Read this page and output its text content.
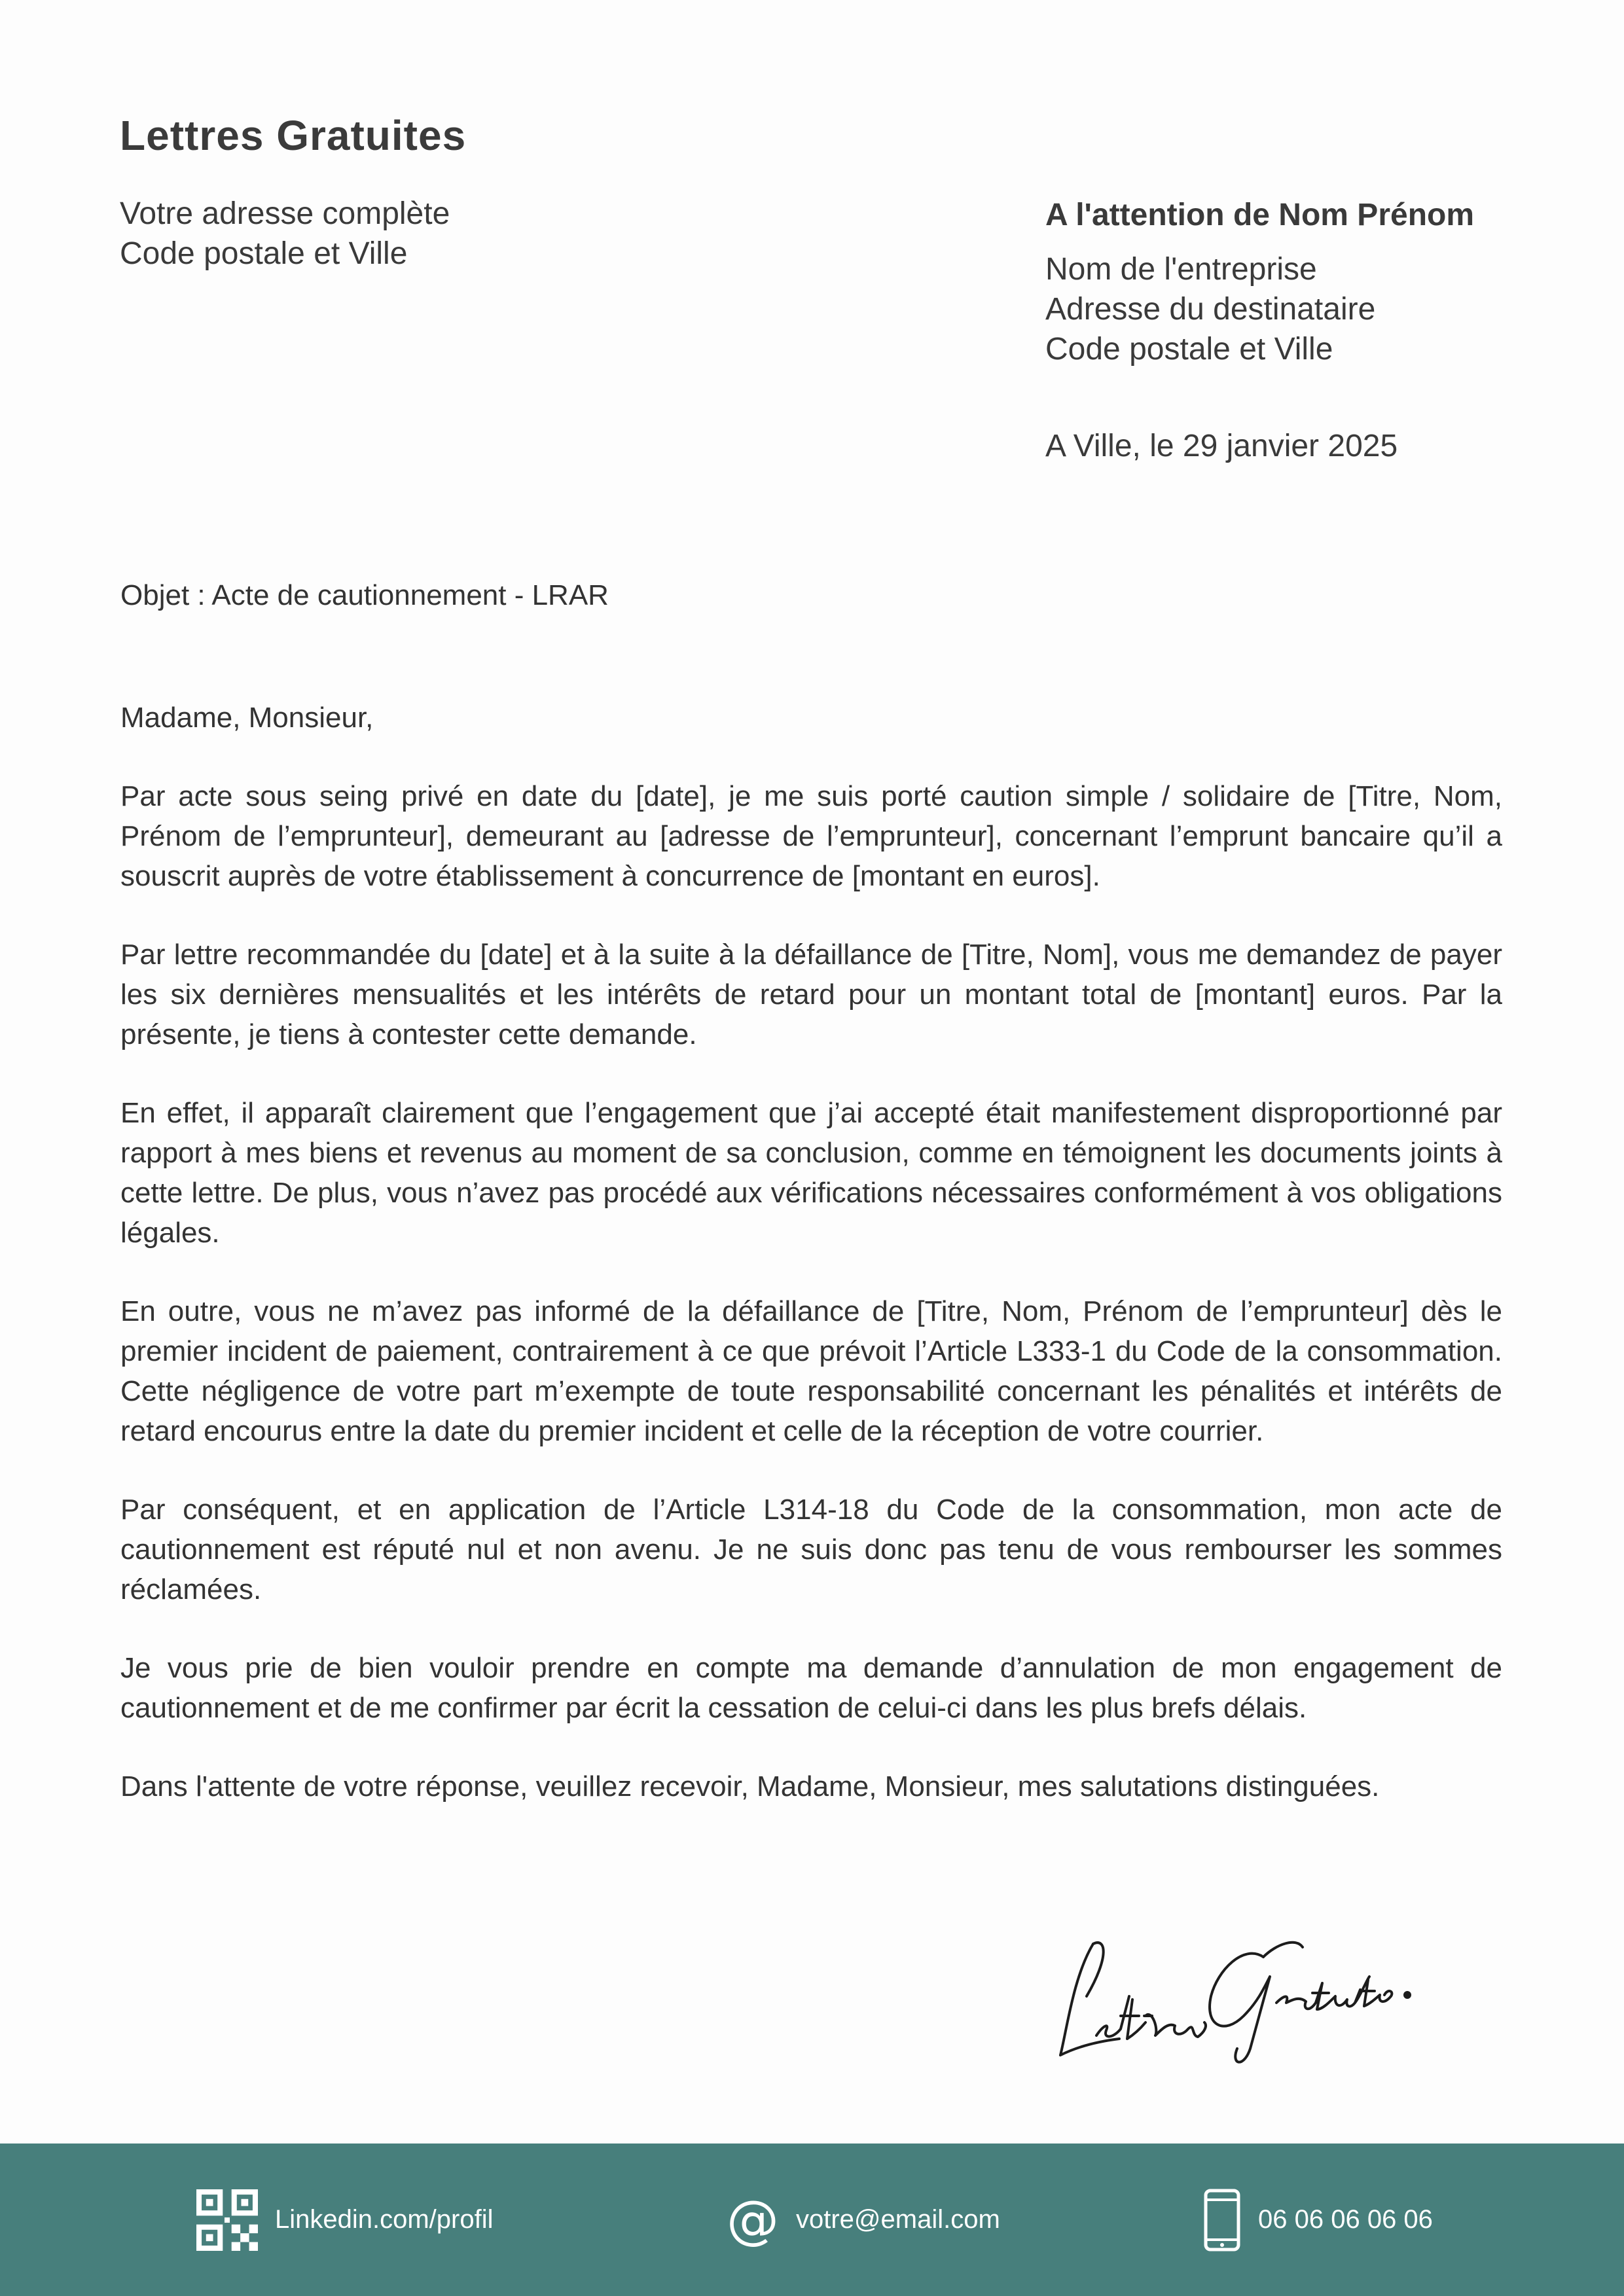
Lettres Gratuites
Votre adresse complète
Code postale et Ville
A l'attention de Nom Prénom
Nom de l'entreprise
Adresse du destinataire
Code postale et Ville
A Ville, le 29 janvier 2025
Objet : Acte de cautionnement - LRAR

Madame, Monsieur,

Par acte sous seing privé en date du [date], je me suis porté caution simple / solidaire de [Titre, Nom, Prénom de l’emprunteur], demeurant au [adresse de l’emprunteur], concernant l’emprunt bancaire qu’il a souscrit auprès de votre établissement à concurrence de [montant en euros].

Par lettre recommandée du [date] et à la suite à la défaillance de [Titre, Nom], vous me demandez de payer les six dernières mensualités et les intérêts de retard pour un montant total de [montant] euros. Par la présente, je tiens à contester cette demande.

En effet, il apparaît clairement que l’engagement que j’ai accepté était manifestement disproportionné par rapport à mes biens et revenus au moment de sa conclusion, comme en témoignent les documents joints à cette lettre. De plus, vous n’avez pas procédé aux vérifications nécessaires conformément à vos obligations légales.

En outre, vous ne m’avez pas informé de la défaillance de [Titre, Nom, Prénom de l’emprunteur] dès le premier incident de paiement, contrairement à ce que prévoit l’Article L333-1 du Code de la consommation. Cette négligence de votre part m’exempte de toute responsabilité concernant les pénalités et intérêts de retard encourus entre la date du premier incident et celle de la réception de votre courrier.

Par conséquent, et en application de l’Article L314-18 du Code de la consommation, mon acte de cautionnement est réputé nul et non avenu. Je ne suis donc pas tenu de vous rembourser les sommes réclamées.

Je vous prie de bien vouloir prendre en compte ma demande d’annulation de mon engagement de cautionnement et de me confirmer par écrit la cessation de celui-ci dans les plus brefs délais.

Dans l'attente de votre réponse, veuillez recevoir, Madame, Monsieur, mes salutations distinguées.

Linkedin.com/profil	@ votre@email.com	06 06 06 06 06
